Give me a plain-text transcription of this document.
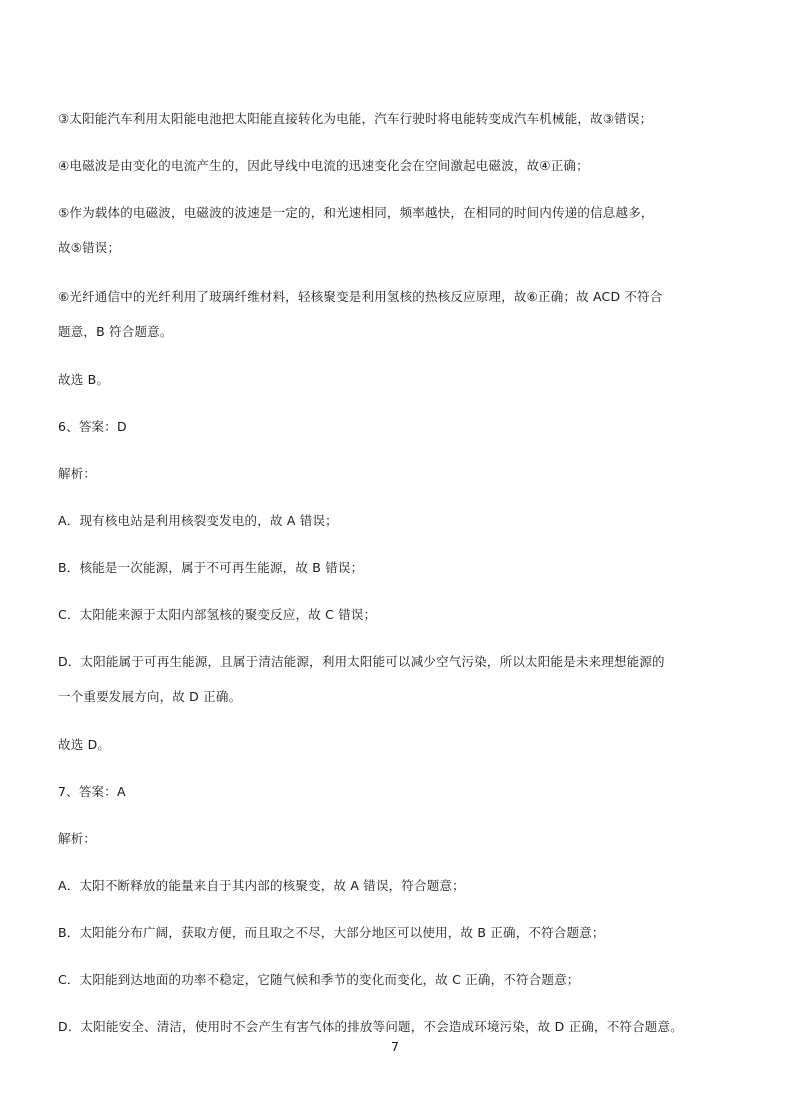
③太阳能汽车利用太阳能电池把太阳能直接转化为电能，汽车行驶时将电能转变成汽车机械能，故③错误；
④电磁波是由变化的电流产生的，因此导线中电流的迅速变化会在空间激起电磁波，故④正确；
⑤作为载体的电磁波，电磁波的波速是一定的，和光速相同，频率越快，在相同的时间内传递的信息越多，
故⑤错误；
⑥光纤通信中的光纤利用了玻璃纤维材料，轻核聚变是利用氢核的热核反应原理，故⑥正确；故 ACD 不符合
题意，B 符合题意。
故选 B。
6、答案：D
解析：
A．现有核电站是利用核裂变发电的，故 A 错误；
B．核能是一次能源，属于不可再生能源，故 B 错误；
C．太阳能来源于太阳内部氢核的聚变反应，故 C 错误；
D．太阳能属于可再生能源，且属于清洁能源，利用太阳能可以减少空气污染，所以太阳能是未来理想能源的
一个重要发展方向，故 D 正确。
故选 D。
7、答案：A
解析：
A．太阳不断释放的能量来自于其内部的核聚变，故 A 错误，符合题意；
B．太阳能分布广阔，获取方便，而且取之不尽，大部分地区可以使用，故 B 正确，不符合题意；
C．太阳能到达地面的功率不稳定，它随气候和季节的变化而变化，故 C 正确，不符合题意；
D．太阳能安全、清洁，使用时不会产生有害气体的排放等问题，不会造成环境污染，故 D 正确，不符合题意。
7
